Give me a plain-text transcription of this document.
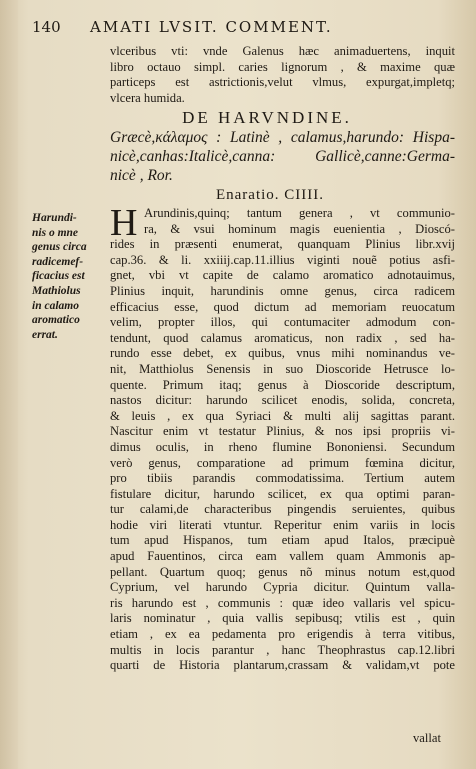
140 AMATI LVSIT. COMMENT.
vlceribus vti: vnde Galenus hæc animaduertens, inquit
libro octauo simpl. caries lignorum , & maxime quæ
particeps est astrictionis,velut vlmus, expurgat,impletq;
vlcera humida.
DE HARVNDINE.
Græcè,κάλαμος : Latinè , calamus,harundo: Hispa-
nicè,canhas:Italicè,canna: Gallicè,canne:Germa-
nicè , Ror.
Enaratio. CIIII.
Harundi-
nis o mne
genus circa
radicemef-
ficacius est
Mathiolus
in calamo
aromatico
errat.
H Arundinis,quinq; tantum genera , vt communio-
ra, & vsui hominum magis euenientia , Dioscó-
rides in præsenti enumerat, quanquam Plinius libr.xvij
cap.36. & li. xxiiij.cap.11.illius viginti nouẽ potius asfi-
gnet, vbi vt capite de calamo aromatico adnotauimus,
Plinius inquit, harundinis omne genus, circa radicem
efficacius esse, quod dictum ad memoriam reuocatum
velim, propter illos, qui contumaciter admodum con-
tendunt, quod calamus aromaticus, non radix , sed ha-
rundo esse debet, ex quibus, vnus mihi nominandus ve-
nit, Matthiolus Senensis in suo Dioscoride Hetrusce lo-
quente. Primum itaq; genus à Dioscoride descriptum,
nastos dicitur: harundo scilicet enodis, solida, concreta,
& leuis , ex qua Syriaci & multi alij sagittas parant.
Nascitur enim vt testatur Plinius, & nos ipsi propriis vi-
dimus oculis, in rheno flumine Bononiensi. Secundum
verò genus, comparatione ad primum fœmina dicitur,
pro tibiis parandis commodatissima. Tertium autem
fistulare dicitur, harundo scilicet, ex qua optimi paran-
tur calami,de characteribus pingendis seruientes, quibus
hodie viri literati vtuntur. Reperitur enim variis in locis
tum apud Hispanos, tum etiam apud Italos, præcipuè
apud Fauentinos, circa eam vallem quam Ammonis ap-
pellant. Quartum quoq; genus nõ minus notum est,quod
Cyprium, vel harundo Cypria dicitur. Quintum valla-
ris harundo est , communis : quæ ideo vallaris vel spicu-
laris nominatur , quia vallis sepibusq; vtilis est , quin
etiam , ex ea pedamenta pro erigendis à terra vitibus,
multis in locis parantur , hanc Theophrastus cap.12.libri
quarti de Historia plantarum,crassam & validam,vt pote
vallat
